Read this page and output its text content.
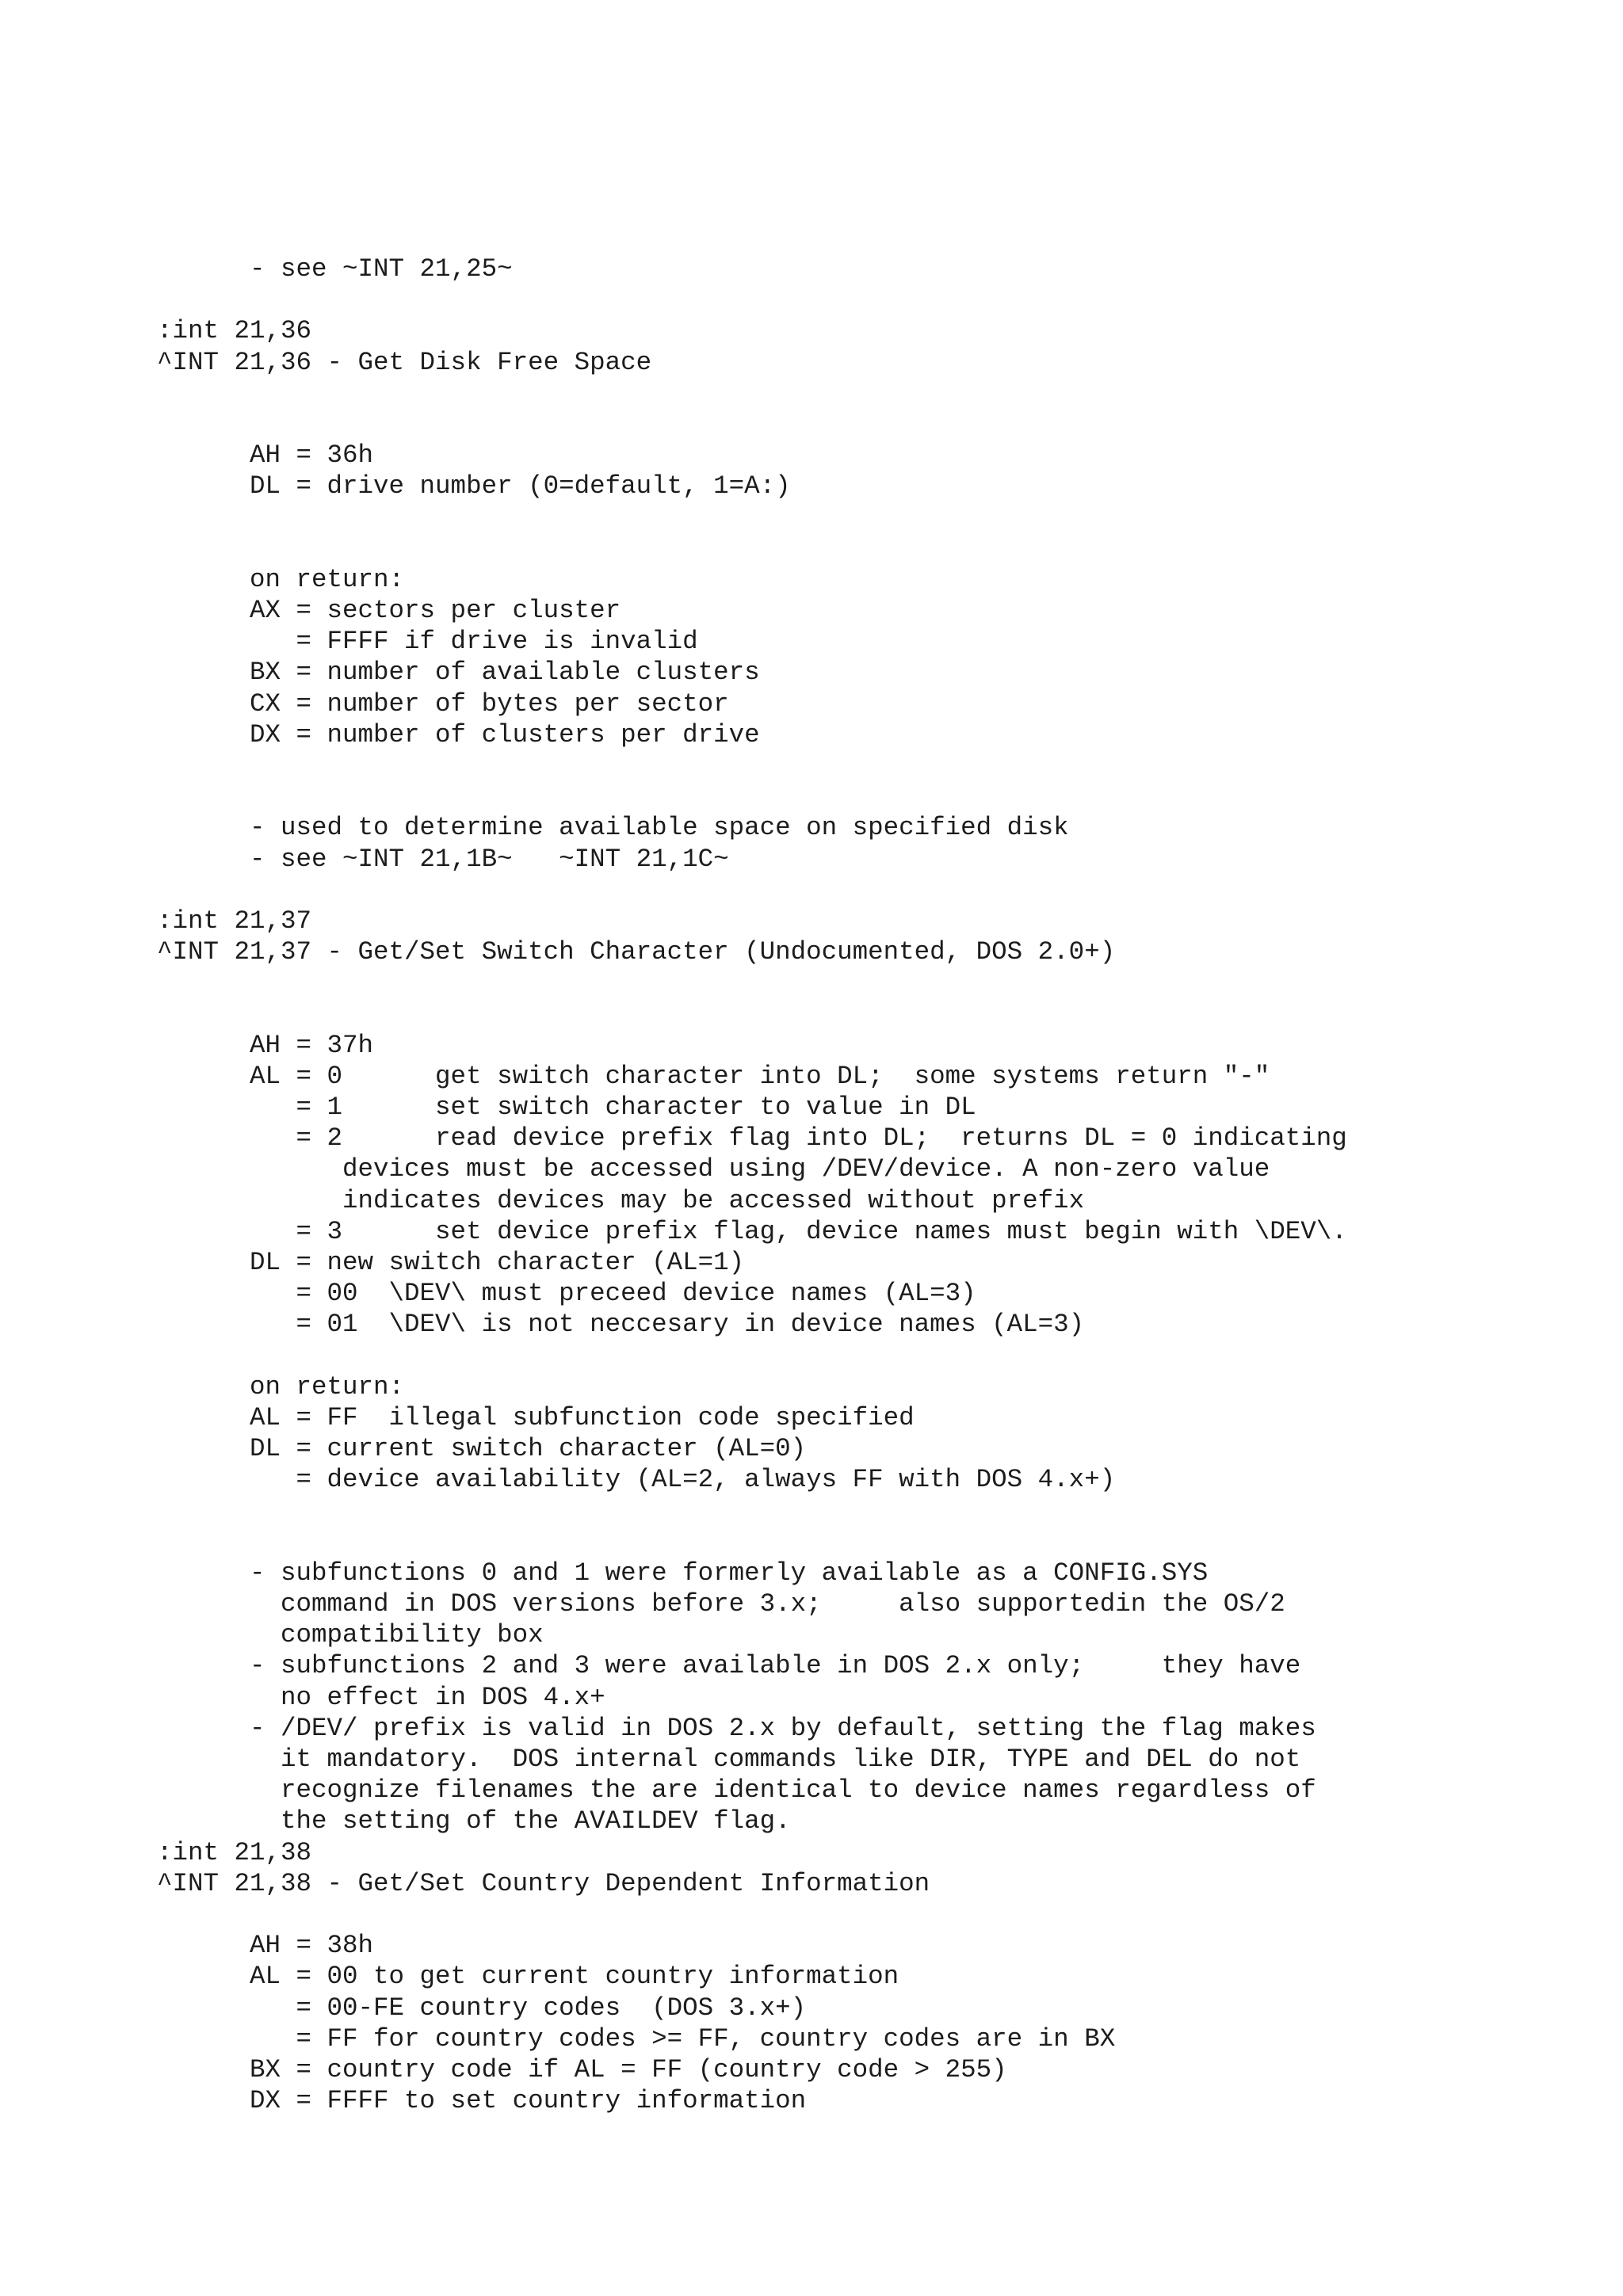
- see ~INT 21,25~
:int 21,36
^INT 21,36 - Get Disk Free Space
AH = 36h
DL = drive number (0=default, 1=A:)
on return:
AX = sectors per cluster
= FFFF if drive is invalid
BX = number of available clusters
CX = number of bytes per sector
DX = number of clusters per drive
- used to determine available space on specified disk
- see ~INT 21,1B~   ~INT 21,1C~
:int 21,37
^INT 21,37 - Get/Set Switch Character (Undocumented, DOS 2.0+)
AH = 37h
AL = 0      get switch character into DL;  some systems return "-"
= 1      set switch character to value in DL
= 2      read device prefix flag into DL;  returns DL = 0 indicating
devices must be accessed using /DEV/device. A non-zero value
indicates devices may be accessed without prefix
= 3      set device prefix flag, device names must begin with \DEV\.
DL = new switch character (AL=1)
= 00  \DEV\ must preceed device names (AL=3)
= 01  \DEV\ is not neccesary in device names (AL=3)
on return:
AL = FF  illegal subfunction code specified
DL = current switch character (AL=0)
= device availability (AL=2, always FF with DOS 4.x+)
- subfunctions 0 and 1 were formerly available as a CONFIG.SYS
command in DOS versions before 3.x;     also supportedin the OS/2
compatibility box
- subfunctions 2 and 3 were available in DOS 2.x only;     they have
no effect in DOS 4.x+
- /DEV/ prefix is valid in DOS 2.x by default, setting the flag makes
it mandatory.  DOS internal commands like DIR, TYPE and DEL do not
recognize filenames the are identical to device names regardless of
the setting of the AVAILDEV flag.
:int 21,38
^INT 21,38 - Get/Set Country Dependent Information
AH = 38h
AL = 00 to get current country information
= 00-FE country codes  (DOS 3.x+)
= FF for country codes >= FF, country codes are in BX
BX = country code if AL = FF (country code > 255)
DX = FFFF to set country information
